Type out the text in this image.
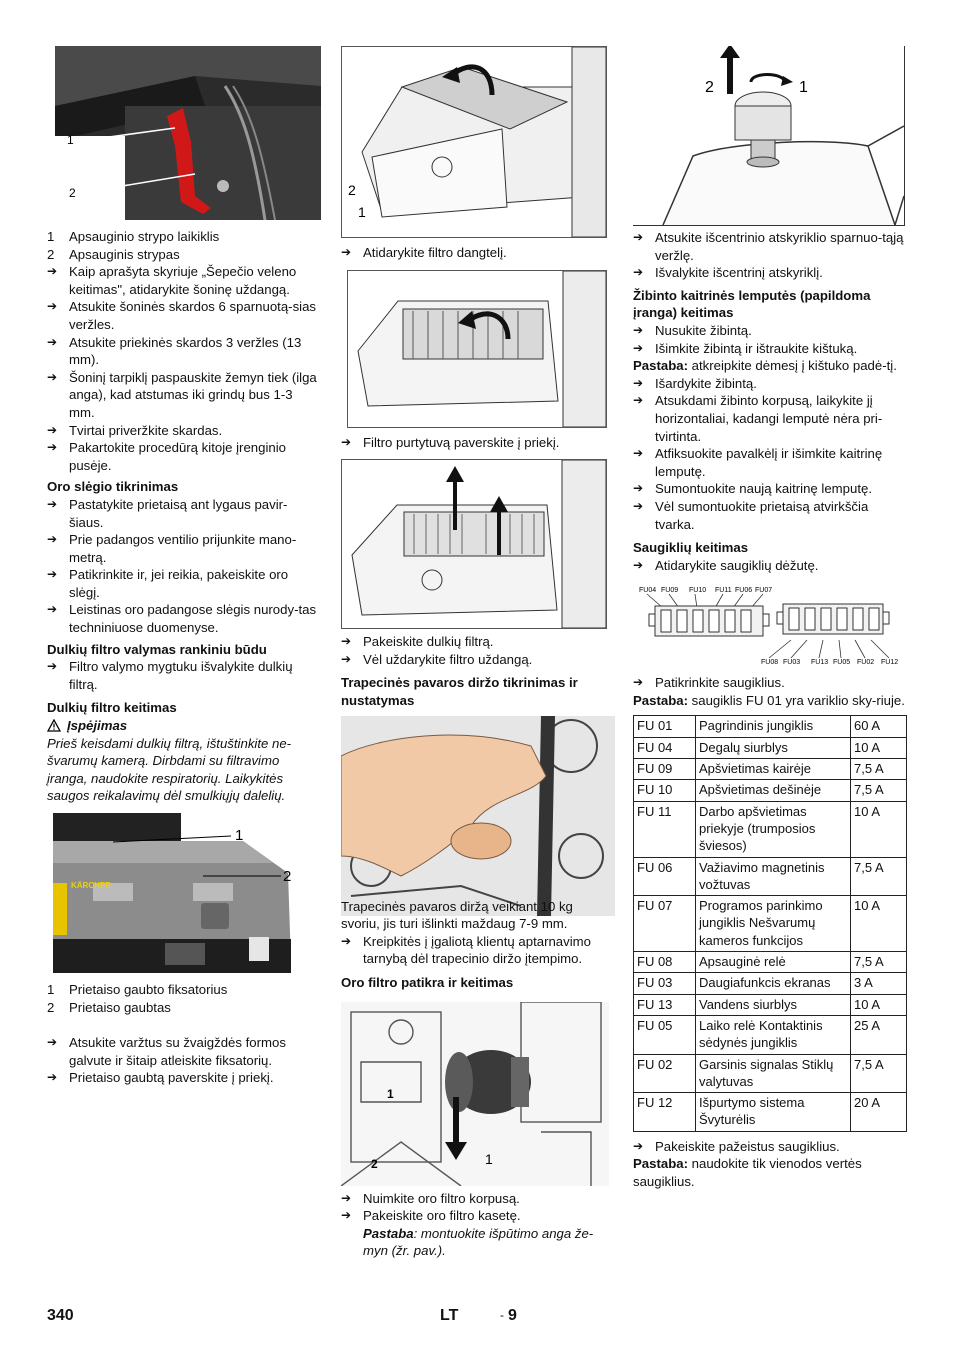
1
2
1	Apsauginio strypo laikiklis
2	Apsauginis strypas
➔ Kaip aprašyta skyriuje „Šepečio veleno keitimas", atidarykite šoninę uždangą.
➔ Atsukite šoninės skardos 6 sparnuotą-sias veržles.
➔ Atsukite priekinės skardos 3 veržles (13 mm).
➔ Šoninį tarpiklį paspauskite žemyn tiek (ilga anga), kad atstumas iki grindų bus 1-3 mm.
➔ Tvirtai priveržkite skardas.
➔ Pakartokite procedūrą kitoje įrenginio pusėje.
Oro slėgio tikrinimas
➔ Pastatykite prietaisą ant lygaus pavir-šiaus.
➔ Prie padangos ventilio prijunkite mano-metrą.
➔ Patikrinkite ir, jei reikia, pakeiskite oro slėgį.
➔ Leistinas oro padangose slėgis nurody-tas techniniuose duomenyse.
Dulkių filtro valymas rankiniu būdu
➔ Filtro valymo mygtuku išvalykite dulkių filtrą.
Dulkių filtro keitimas
Įspėjimas
Prieš keisdami dulkių filtrą, ištuštinkite ne-švarumų kamerą. Dirbdami su filtravimo įranga, naudokite respiratorių. Laikykitės saugos reikalavimų dėl smulkiųjų dalelių.
KÄRCHER
1
2
1	Prietaiso gaubto fiksatorius
2	Prietaiso gaubtas
➔ Atsukite varžtus su žvaigždės formos galvute ir šitaip atleiskite fiksatorių.
➔ Prietaiso gaubtą paverskite į priekį.
2
1
➔ Atidarykite filtro dangtelį.
➔ Filtro purtytuvą paverskite į priekį.
➔ Pakeiskite dulkių filtrą.
➔ Vėl uždarykite filtro uždangą.
Trapecinės pavaros diržo tikrinimas ir nustatymas
Trapecinės pavaros diržą veikiant 10 kg svoriu, jis turi išlinkti maždaug 7-9 mm.
➔ Kreipkitės į įgaliotą klientų aptarnavimo tarnybą dėl trapecinio diržo įtempimo.
Oro filtro patikra ir keitimas
1
2	1
➔ Nuimkite oro filtro korpusą.
➔ Pakeiskite oro filtro kasetę.
Pastaba: montuokite išpūtimo anga že-myn (žr. pav.).
2	1
➔ Atsukite išcentrinio atskyriklio sparnuo-tąją veržlę.
➔ Išvalykite išcentrinį atskyriklį.
Žibinto kaitrinės lemputės (papildoma įranga) keitimas
➔ Nusukite žibintą.
➔ Išimkite žibintą ir ištraukite kištuką.
Pastaba: atkreipkite dėmesį į kištuko padė-tį.
➔ Išardykite žibintą.
➔ Atsukdami žibinto korpusą, laikykite jį horizontaliai, kadangi lemputė nėra pri-tvirtinta.
➔ Atfiksuokite pavalkėlį ir išimkite kaitrinę lemputę.
➔ Sumontuokite naują kaitrinę lemputę.
➔ Vėl sumontuokite prietaisą atvirkščia tvarka.
Saugiklių keitimas
➔ Atidarykite saugiklių dėžutę.
FU04 FU09 FU10 FU11 FU06 FU07
FU08 FU03 FU13 FU05 FU02 FU12
➔ Patikrinkite saugiklius.
Pastaba: saugiklis FU 01 yra variklio sky-riuje.
FU 01	Pagrindinis jungiklis	60 A
FU 04	Degalų siurblys	10 A
FU 09	Apšvietimas kairėje	7,5 A
FU 10	Apšvietimas dešinėje	7,5 A
FU 11	Darbo apšvietimas priekyje (trumposios šviesos)	10 A
FU 06	Važiavimo magnetinis vožtuvas	7,5 A
FU 07	Programos parinkimo jungiklis Nešvarumų kameros funkcijos	10 A
FU 08	Apsauginė relė	7,5 A
FU 03	Daugiafunkcis ekranas	3 A
FU 13	Vandens siurblys	10 A
FU 05	Laiko relė Kontaktinis sėdynės jungiklis	25 A
FU 02	Garsinis signalas Stiklų valytuvas	7,5 A
FU 12	Išpurtymo sistema Švyturėlis	20 A
➔ Pakeiskite pažeistus saugiklius.
Pastaba: naudokite tik vienodos vertės saugiklius.
340	LT	- 9
